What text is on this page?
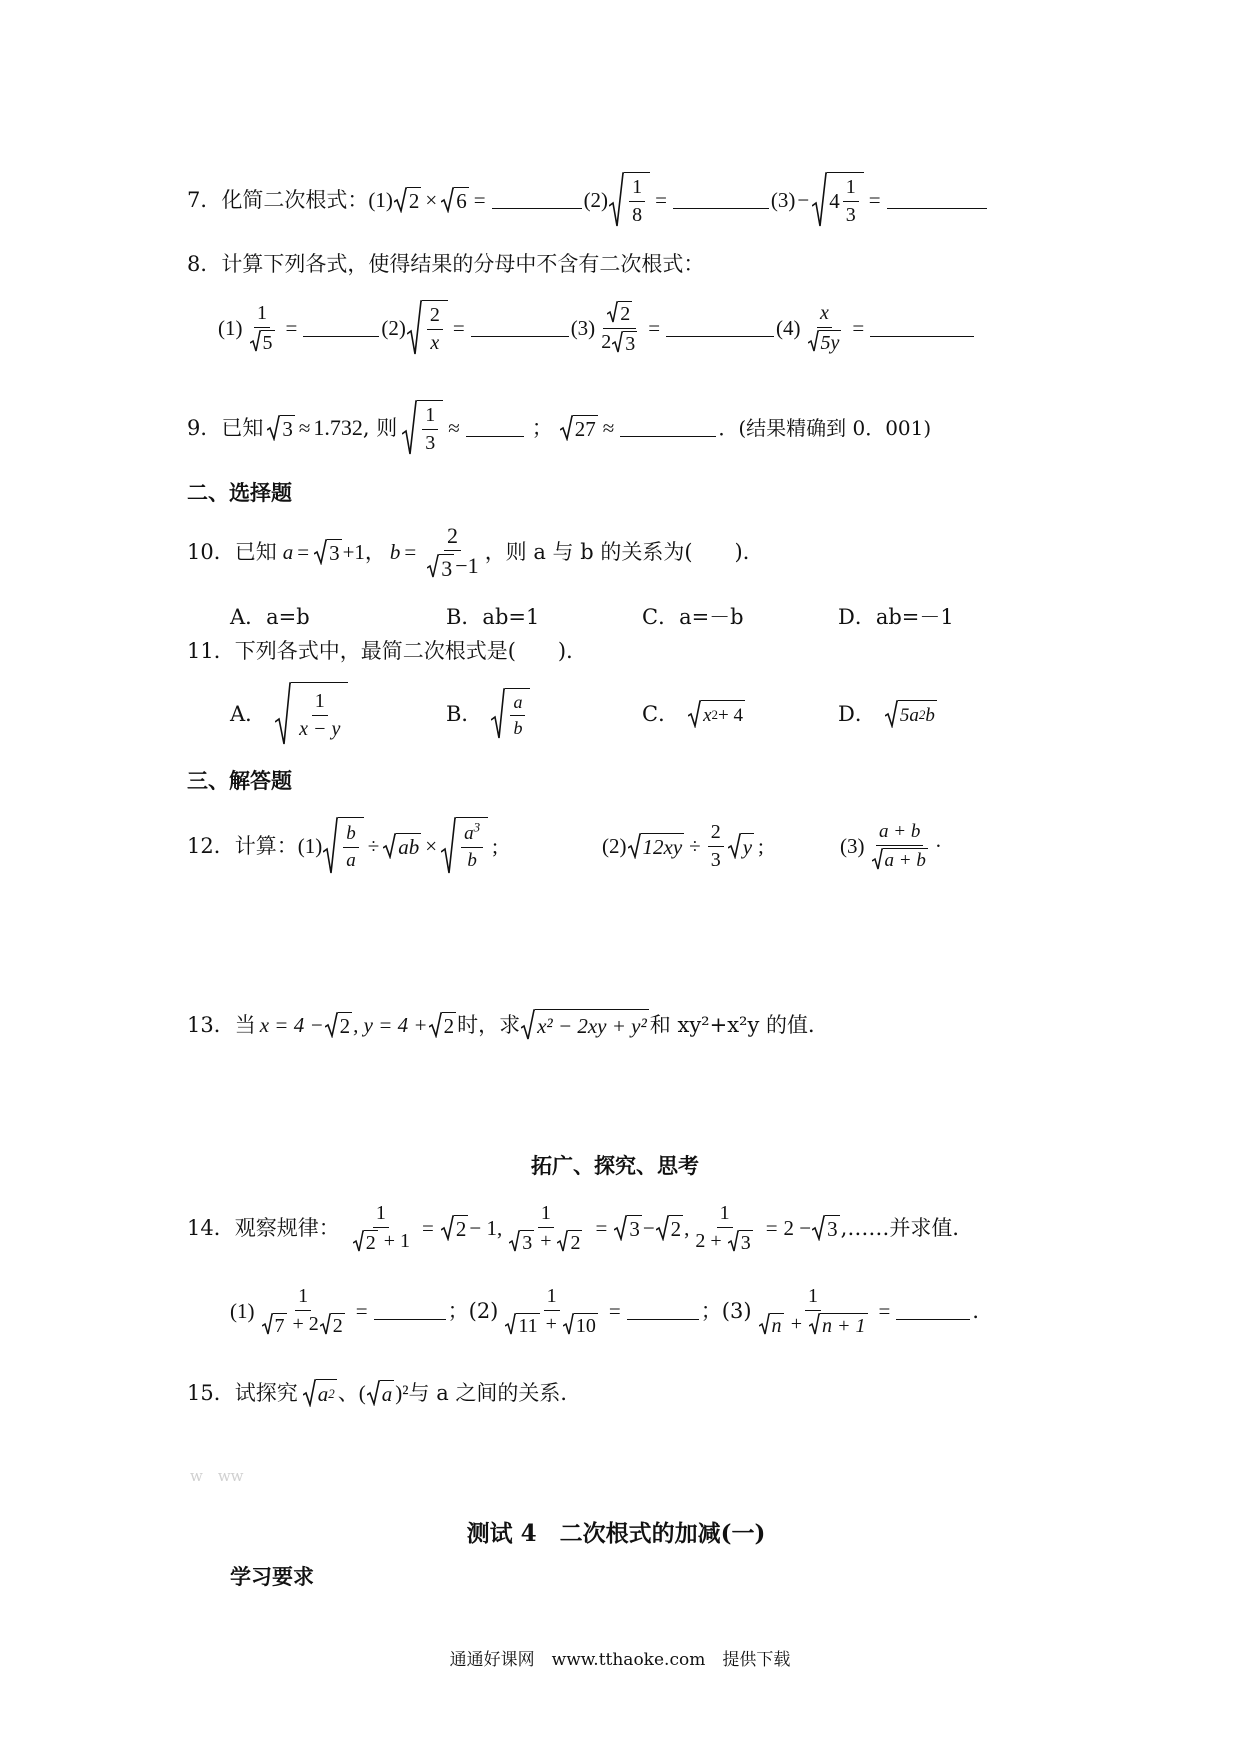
7．化简二次根式： (1) 2 × 6 =	$(2) \frac{1}{8}$ =	$(3) - 4 \frac{1}{3}$ =
8．计算下列各式，使得结果的分母中不含有二次根式：
$(1) \frac{1}{5}$ =	$(2) \frac{2}{x}$ =	$(3) \frac{2}{2 3}$ =	$(4) \frac{x}{5y}$ =
9．已知 3 ≈ 1.732 , 则 $\frac{1}{3}$ ≈	； 27 ≈	．(结果精确到 0．001)
二、选择题
10．已知 a = 3 +1 ， $b = \frac{2}{3 -1}$ ，则 a 与 b 的关系为(　　)．
A．a=b	B．ab=1	C．a=－b	D．ab=－1
11．下列各式中，最简二次根式是(　　)．
A． $\frac{1}{x - y}$	B． $\frac{a}{b}$	C． x 2 + 4	D． 5a 2 b
三、解答题
12．计算： $(1) \frac{b}{a}$ ÷ ab × $\frac{a^3}{b}$ ;	(2) $12xy \div \frac{2}{3}$ y ;	$(3) \frac{a + b}{a + b}$ ·
13．当 x = 4 − 2 , y = 4 + 2 时，求 x² − 2xy + y² 和 xy²+x²y 的值．
拓广、探究、思考
14．观察规律： $\frac{1}{2 + 1} = 2 - 1$, $\frac{1}{3 + 2} = 3 - 2$ , $\frac{1}{2 + 3} = 2 - 3$ ,……并求值．
$(1) \frac{1}{7 + 2 2}$ =	；$(2) \frac{1}{11 + 10}$ =	；$(3) \frac{1}{n + n + 1}$ =	．
15．试探究 a 2 、( a )² 与 a 之间的关系．
w　ww
测试 4　二次根式的加减(一)
学习要求
通通好课网　www.tthaoke.com　提供下载
